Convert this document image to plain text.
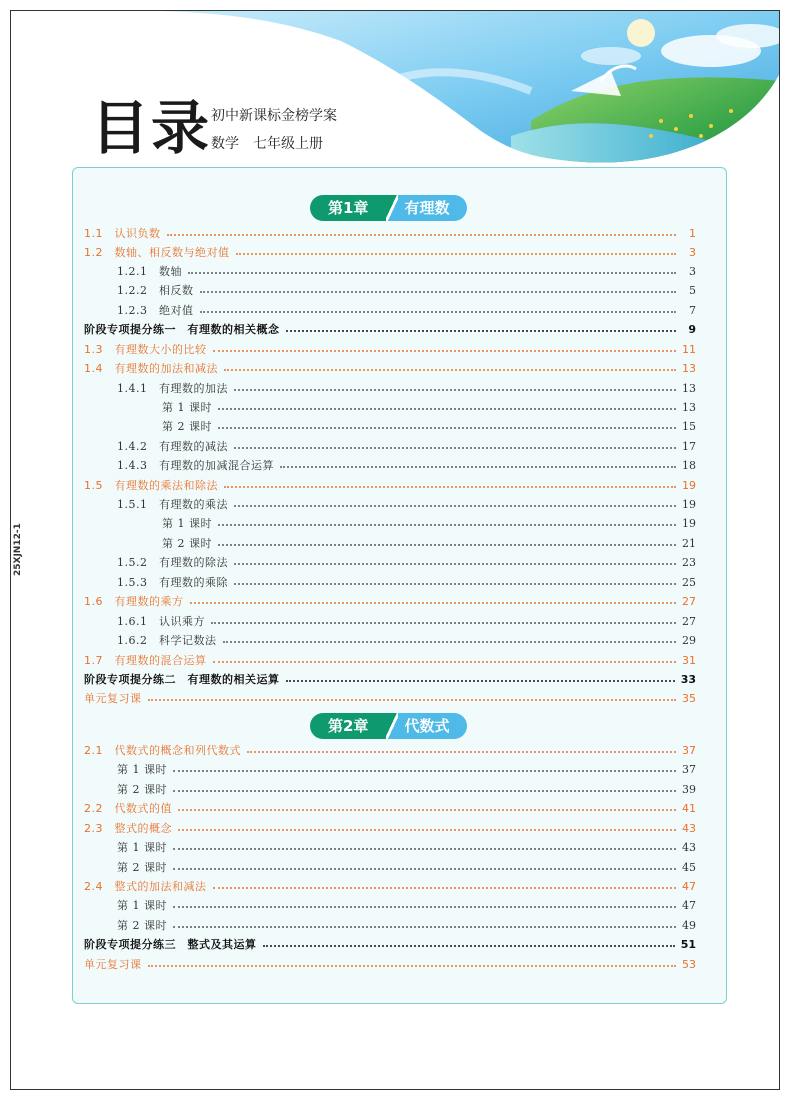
目录 初中新课标金榜学案
数学　七年级上册
25XJN12-1
第1章	有理数
第2章	代数式
1.1　认识负数	1
1.2　数轴、相反数与绝对值	3
1.2.1　数轴	3
1.2.2　相反数	5
1.2.3　绝对值	7
阶段专项提分练一　有理数的相关概念	9
1.3　有理数大小的比较	11
1.4　有理数的加法和减法	13
1.4.1　有理数的加法	13
第 1 课时	13
第 2 课时	15
1.4.2　有理数的减法	17
1.4.3　有理数的加减混合运算	18
1.5　有理数的乘法和除法	19
1.5.1　有理数的乘法	19
第 1 课时	19
第 2 课时	21
1.5.2　有理数的除法	23
1.5.3　有理数的乘除	25
1.6　有理数的乘方	27
1.6.1　认识乘方	27
1.6.2　科学记数法	29
1.7　有理数的混合运算	31
阶段专项提分练二　有理数的相关运算	33
单元复习课	35
2.1　代数式的概念和列代数式	37
第 1 课时	37
第 2 课时	39
2.2　代数式的值	41
2.3　整式的概念	43
第 1 课时	43
第 2 课时	45
2.4　整式的加法和减法	47
第 1 课时	47
第 2 课时	49
阶段专项提分练三　整式及其运算	51
单元复习课	53
